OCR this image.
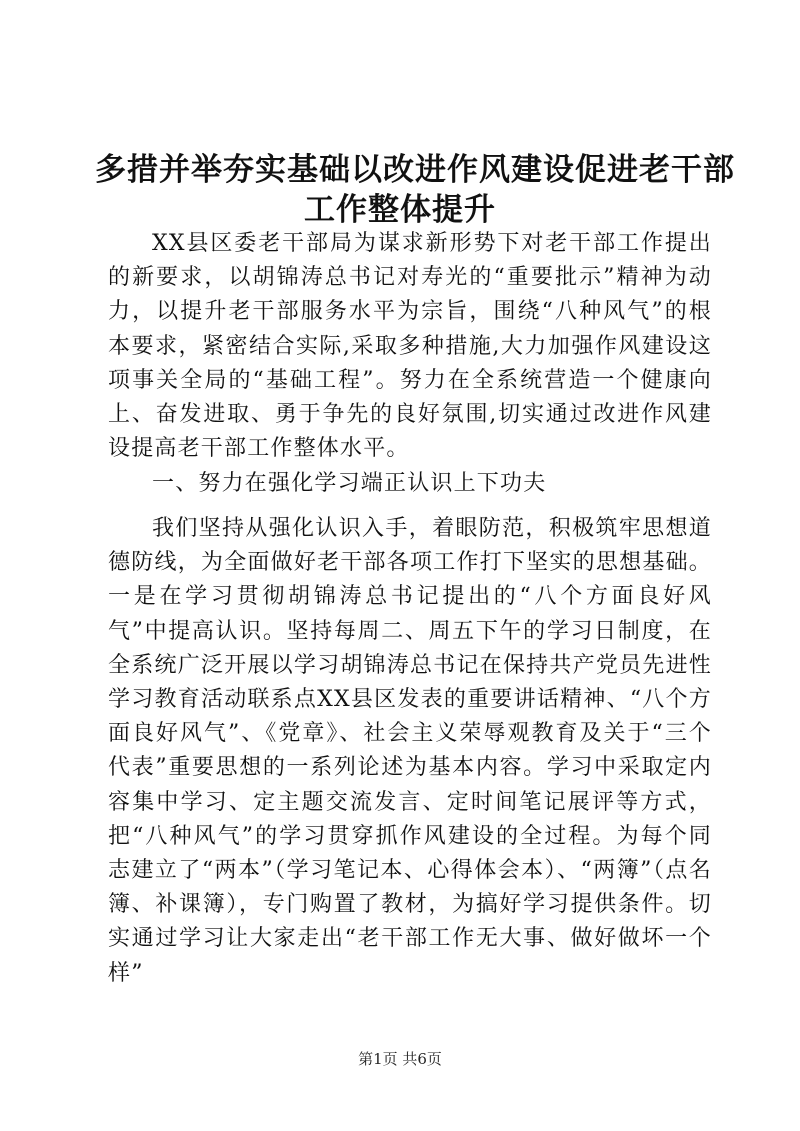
多措并举夯实基础以改进作风建设促进老干部
工作整体提升

XX县区委老干部局为谋求新形势下对老干部工作提出的新要求，以胡锦涛总书记对寿光的“重要批示”精神为动力，以提升老干部服务水平为宗旨，围绕“八种风气”的根本要求，紧密结合实际,采取多种措施,大力加强作风建设这项事关全局的“基础工程”。努力在全系统营造一个健康向上、奋发进取、勇于争先的良好氛围,切实通过改进作风建设提高老干部工作整体水平。

一、努力在强化学习端正认识上下功夫

我们坚持从强化认识入手，着眼防范，积极筑牢思想道德防线，为全面做好老干部各项工作打下坚实的思想基础。一是在学习贯彻胡锦涛总书记提出的“八个方面良好风气”中提高认识。坚持每周二、周五下午的学习日制度，在全系统广泛开展以学习胡锦涛总书记在保持共产党员先进性学习教育活动联系点XX县区发表的重要讲话精神、“八个方面良好风气”、《党章》、社会主义荣辱观教育及关于“三个代表”重要思想的一系列论述为基本内容。学习中采取定内容集中学习、定主题交流发言、定时间笔记展评等方式，把“八种风气”的学习贯穿抓作风建设的全过程。为每个同志建立了“两本”（学习笔记本、心得体会本）、“两簿”（点名簿、补课簿），专门购置了教材，为搞好学习提供条件。切实通过学习让大家走出“老干部工作无大事、做好做坏一个样”

第1页 共6页
